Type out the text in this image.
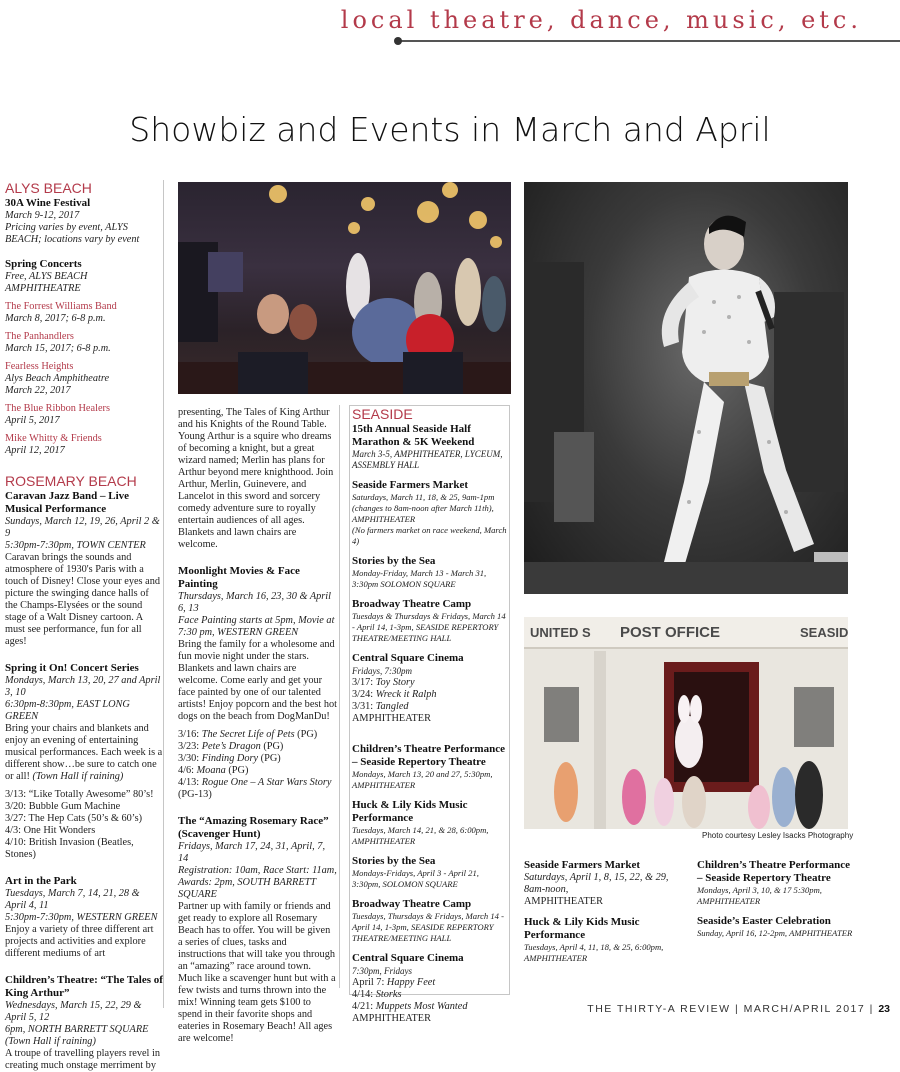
local theatre, dance, music, etc.
Showbiz and Events in March and April
ALYS BEACH
30A Wine Festival
March 9-12, 2017
Pricing varies by event, ALYS BEACH; locations vary by event
Spring Concerts
Free, ALYS BEACH AMPHITHEATRE
The Forrest Williams Band
March 8, 2017; 6-8 p.m.
The Panhandlers
March 15, 2017; 6-8 p.m.
Fearless Heights
Alys Beach Amphitheatre
March 22, 2017
The Blue Ribbon Healers
April 5, 2017
Mike Whitty & Friends
April 12, 2017
ROSEMARY BEACH
Caravan Jazz Band – Live Musical Performance
Sundays, March 12, 19, 26, April 2 & 9
5:30pm-7:30pm, TOWN CENTER
Caravan brings the sounds and atmosphere of 1930's Paris with a touch of Disney! Close your eyes and picture the swinging dance halls of the Champs-Elysées or the sound stage of a Walt Disney cartoon. A must see performance, fun for all ages!
Spring it On! Concert Series
Mondays, March 13, 20, 27 and April 3, 10
6:30pm-8:30pm, EAST LONG GREEN
Bring your chairs and blankets and enjoy an evening of entertaining musical performances. Each week is a different show…be sure to catch one or all! (Town Hall if raining)
3/13: “Like Totally Awesome” 80’s!
3/20: Bubble Gum Machine
3/27: The Hep Cats (50’s & 60’s)
4/3: One Hit Wonders
4/10: British Invasion (Beatles, Stones)
Art in the Park
Tuesdays, March 7, 14, 21, 28 & April 4, 11
5:30pm-7:30pm, WESTERN GREEN
Enjoy a variety of three different art projects and activities and explore different mediums of art
Children’s Theatre: “The Tales of King Arthur”
Wednesdays, March 15, 22, 29 & April 5, 12
6pm, NORTH BARRETT SQUARE
(Town Hall if raining)
A troupe of travelling players revel in creating much onstage merriment by
presenting, The Tales of King Arthur and his Knights of the Round Table. Young Arthur is a squire who dreams of becoming a knight, but a great wizard named; Merlin has plans for Arthur beyond mere knighthood. Join Arthur, Merlin, Guinevere, and Lancelot in this sword and sorcery comedy adventure sure to royally entertain audiences of all ages. Blankets and lawn chairs are welcome.
Moonlight Movies & Face Painting
Thursdays, March 16, 23, 30 & April 6, 13
Face Painting starts at 5pm, Movie at 7:30 pm, WESTERN GREEN
Bring the family for a wholesome and fun movie night under the stars. Blankets and lawn chairs are welcome. Come early and get your face painted by one of our talented artists! Enjoy popcorn and the best hot dogs on the beach from DogManDu!
3/16: The Secret Life of Pets (PG)
3/23: Pete’s Dragon (PG)
3/30: Finding Dory (PG)
4/6: Moana (PG)
4/13: Rogue One – A Star Wars Story (PG-13)
The “Amazing Rosemary Race” (Scavenger Hunt)
Fridays, March 17, 24, 31, April, 7, 14
Registration: 10am, Race Start: 11am, Awards: 2pm, SOUTH BARRETT SQUARE
Partner up with family or friends and get ready to explore all Rosemary Beach has to offer. You will be given a series of clues, tasks and instructions that will take you through an “amazing” race around town. Much like a scavenger hunt but with a few twists and turns thrown into the mix! Winning team gets $100 to spend in their favorite shops and eateries in Rosemary Beach! All ages are welcome!
SEASIDE
15th Annual Seaside Half Marathon & 5K Weekend
March 3-5, AMPHITHEATER, LYCEUM, ASSEMBLY HALL
Seaside Farmers Market
Saturdays, March 11, 18, & 25, 9am-1pm (changes to 8am-noon after March 11th), AMPHITHEATER
(No farmers market on race weekend, March 4)
Stories by the Sea
Monday-Friday, March 13 - March 31, 3:30pm SOLOMON SQUARE
Broadway Theatre Camp
Tuesdays & Thursdays & Fridays, March 14 - April 14, 1-3pm, SEASIDE REPERTORY THEATRE/MEETING HALL
Central Square Cinema
Fridays, 7:30pm
3/17: Toy Story
3/24: Wreck it Ralph
3/31: Tangled
AMPHITHEATER
Children’s Theatre Performance – Seaside Repertory Theatre
Mondays, March 13, 20 and 27, 5:30pm, AMPHITHEATER
Huck & Lily Kids Music Performance
Tuesdays, March 14, 21, & 28, 6:00pm, AMPHITHEATER
Stories by the Sea
Mondays-Fridays, April 3 - April 21, 3:30pm, SOLOMON SQUARE
Broadway Theatre Camp
Tuesdays, Thursdays & Fridays, March 14 - April 14, 1-3pm, SEASIDE REPERTORY THEATRE/MEETING HALL
Central Square Cinema
7:30pm, Fridays
April 7: Happy Feet
4/14: Storks
4/21: Muppets Most Wanted
AMPHITHEATER
UNITED S POST OFFICE	SEASID
Photo courtesy Lesley Isacks Photography
Seaside Farmers Market
Saturdays, April 1, 8, 15, 22, & 29, 8am-noon,
AMPHITHEATER
Huck & Lily Kids Music Performance
Tuesdays, April 4, 11, 18, & 25, 6:00pm, AMPHITHEATER
Children’s Theatre Performance – Seaside Repertory Theatre
Mondays, April 3, 10, & 17 5:30pm, AMPHITHEATER
Seaside’s Easter Celebration
Sunday, April 16, 12-2pm, AMPHITHEATER
THE THIRTY-A REVIEW | MARCH/APRIL 2017 | 23
